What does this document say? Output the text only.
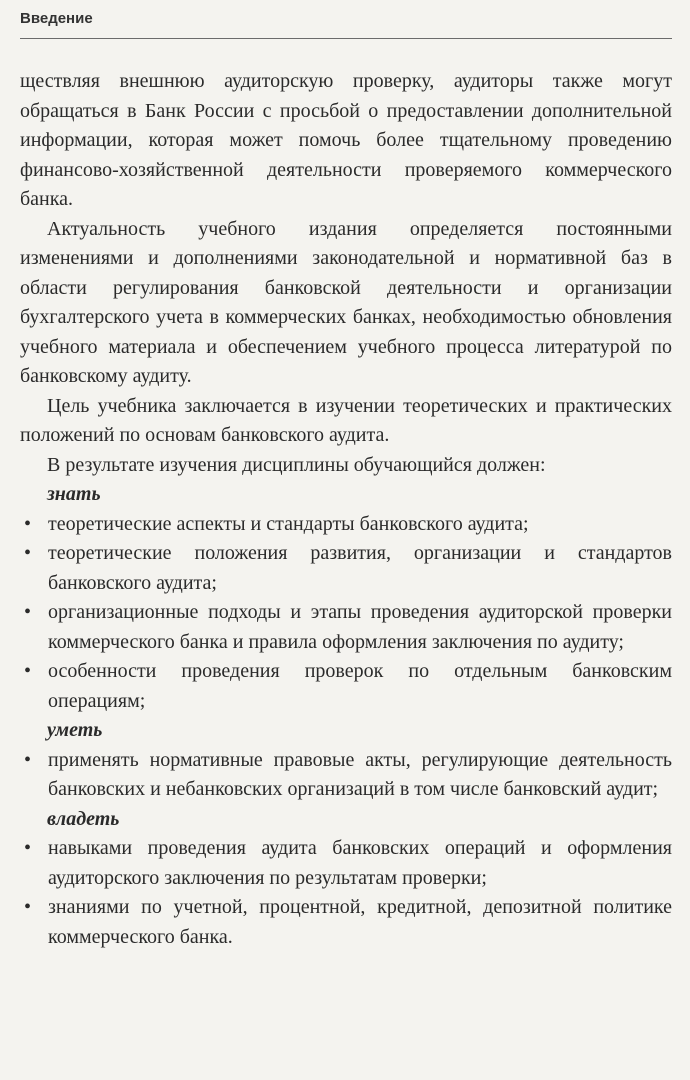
Введение

ществляя внешнюю аудиторскую проверку, аудиторы также могут обращаться в Банк России с просьбой о предоставлении дополнительной информации, которая может помочь более тщательному проведению финансово-хозяйственной деятельности проверяемого коммерческого банка.

Актуальность учебного издания определяется постоянными изменениями и дополнениями законодательной и нормативной баз в области регулирования банковской деятельности и организации бухгалтерского учета в коммерческих банках, необходимостью обновления учебного материала и обеспечением учебного процесса литературой по банковскому аудиту.

Цель учебника заключается в изучении теоретических и практических положений по основам банковского аудита.

В результате изучения дисциплины обучающийся должен:

знать

• теоретические аспекты и стандарты банковского аудита;
• теоретические положения развития, организации и стандартов банковского аудита;
• организационные подходы и этапы проведения аудиторской проверки коммерческого банка и правила оформления заключения по аудиту;
• особенности проведения проверок по отдельным банковским операциям;

уметь

• применять нормативные правовые акты, регулирующие деятельность банковских и небанковских организаций в том числе банковский аудит;

владеть

• навыками проведения аудита банковских операций и оформления аудиторского заключения по результатам проверки;
• знаниями по учетной, процентной, кредитной, депозитной политике коммерческого банка.
